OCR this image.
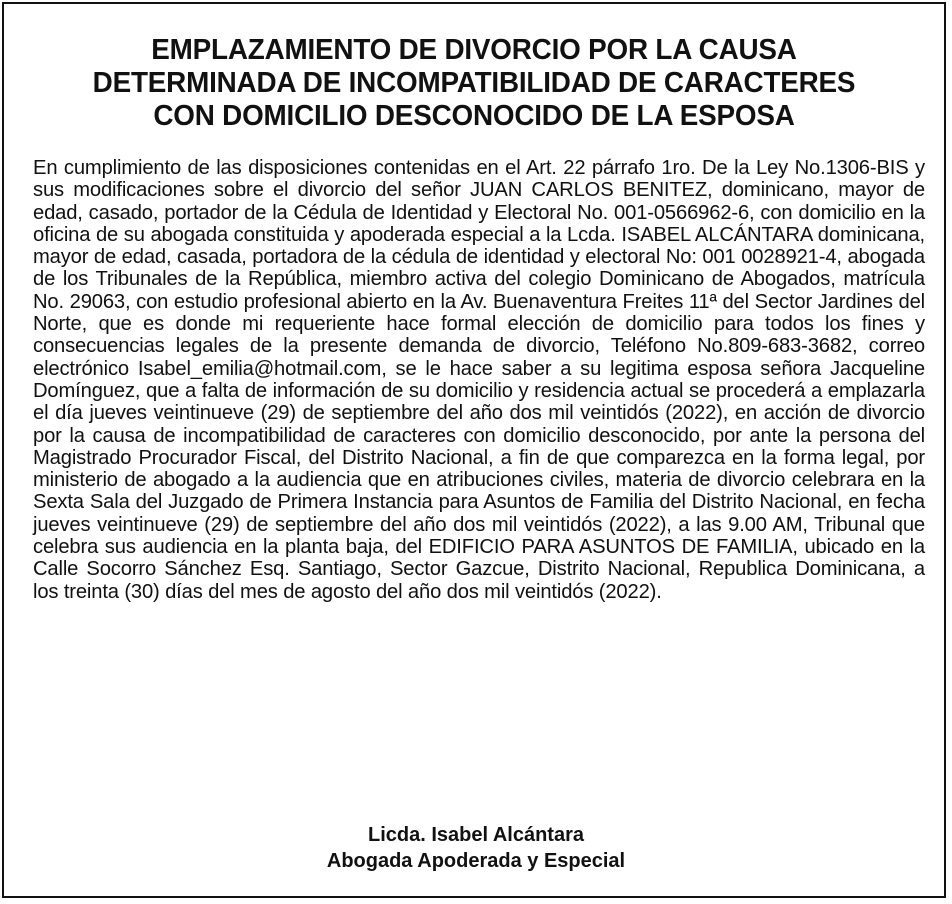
EMPLAZAMIENTO DE DIVORCIO POR LA CAUSA
DETERMINADA DE INCOMPATIBILIDAD DE CARACTERES
CON DOMICILIO DESCONOCIDO DE LA ESPOSA
En cumplimiento de las disposiciones contenidas en el Art. 22 párrafo 1ro. De la Ley No.1306-BIS y sus modificaciones sobre el divorcio del señor JUAN CARLOS BENITEZ, dominicano, mayor de edad, casado, portador de la Cédula de Identidad y Electoral No. 001-0566962-6, con domicilio en la oficina de su abogada constituida y apoderada especial a la Lcda. ISABEL ALCÁNTARA dominicana, mayor de edad, casada, portadora de la cédula de identidad y electoral No: 001 0028921-4, abogada de los Tribunales de la República, miembro activa del colegio Dominicano de Abogados, matrícula No. 29063, con estudio profesional abierto en la Av. Buenaventura Freites 11ª del Sector Jardines del Norte, que es donde mi requeriente hace formal elección de domicilio para todos los fines y consecuencias legales de la presente demanda de divorcio, Teléfono No.809-683-3682, correo electrónico Isabel_emilia@hotmail.com, se le hace saber a su legitima esposa señora Jacqueline Domínguez, que a falta de información de su domicilio y residencia actual se procederá a emplazarla el día jueves veintinueve (29) de septiembre del año dos mil veintidós (2022), en acción de divorcio por la causa de incompatibilidad de caracteres con domicilio desconocido, por ante la persona del Magistrado Procurador Fiscal, del Distrito Nacional, a fin de que comparezca en la forma legal, por ministerio de abogado a la audiencia que en atribuciones civiles, materia de divorcio celebrara en la Sexta Sala del Juzgado de Primera Instancia para Asuntos de Familia del Distrito Nacional, en fecha jueves veintinueve (29) de septiembre del año dos mil veintidós (2022), a las 9.00 AM, Tribunal que celebra sus audiencia en la planta baja, del EDIFICIO PARA ASUNTOS DE FAMILIA, ubicado en la Calle Socorro Sánchez Esq. Santiago, Sector Gazcue, Distrito Nacional, Republica Dominicana, a los treinta (30) días del mes de agosto del año dos mil veintidós (2022).
Licda. Isabel Alcántara
Abogada Apoderada y Especial
